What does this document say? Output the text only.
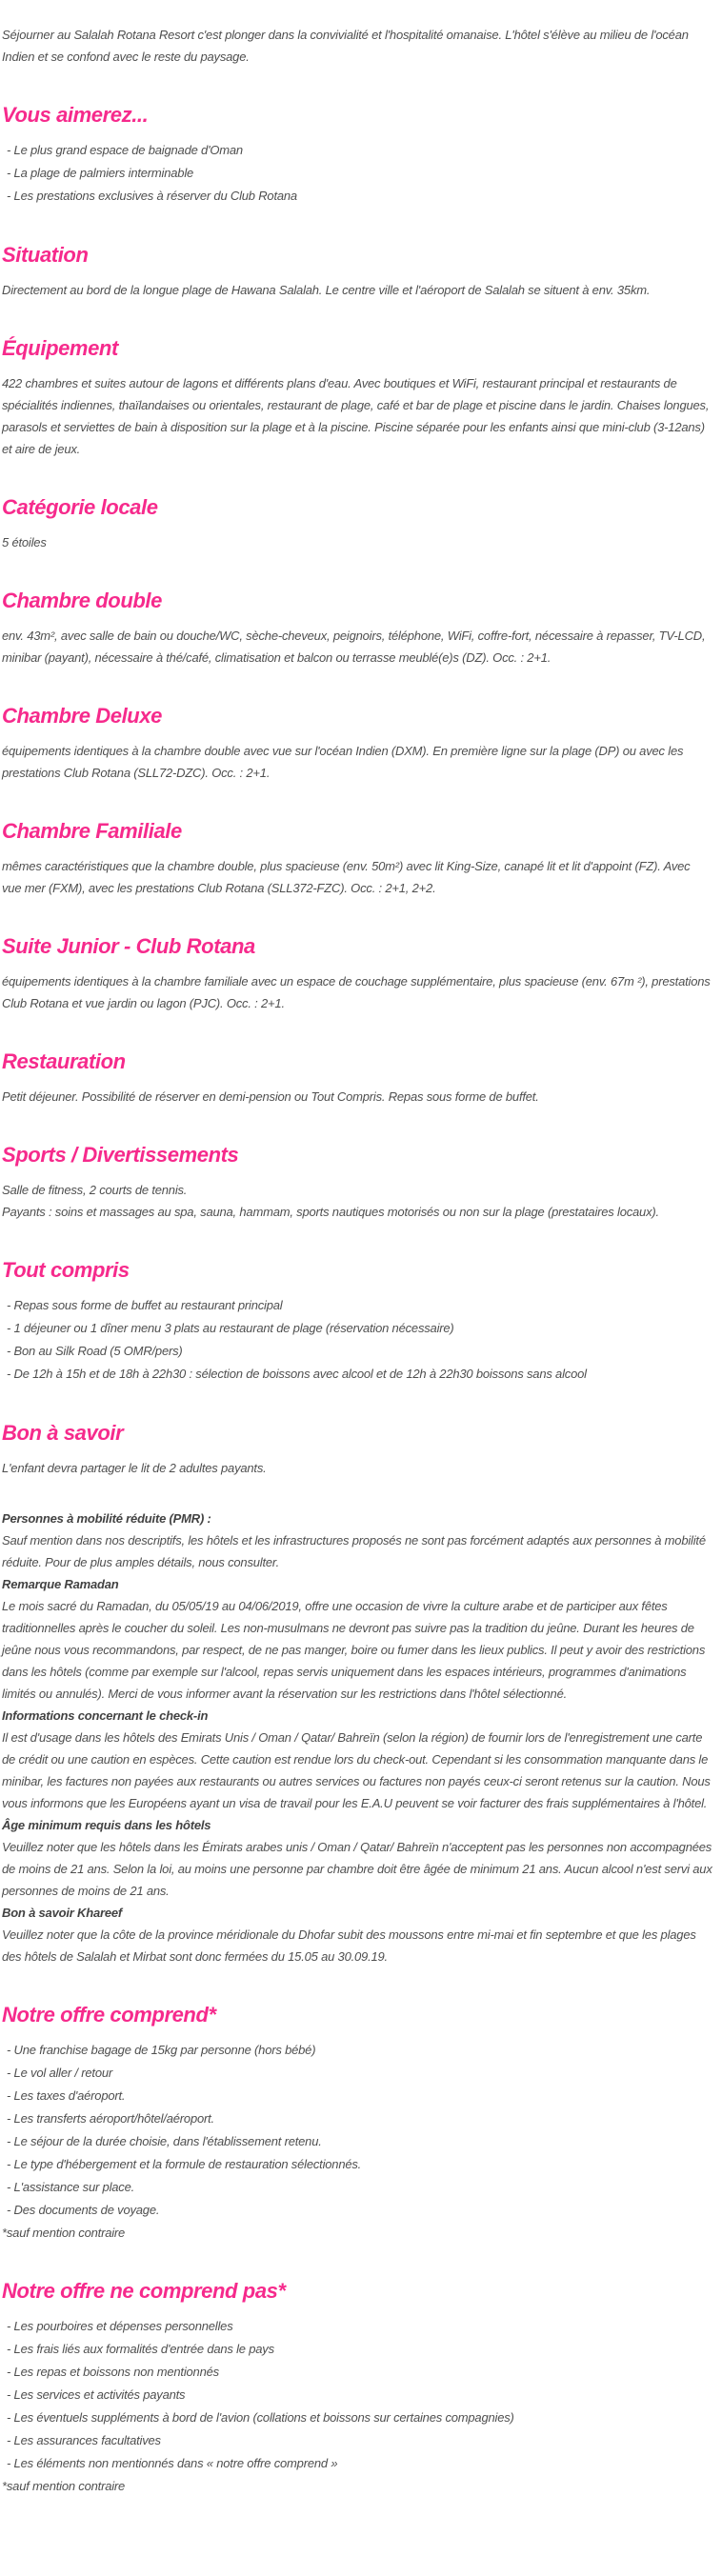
Séjourner au Salalah Rotana Resort c'est plonger dans la convivialité et l'hospitalité omanaise. L'hôtel s'élève au milieu de l'océan Indien et se confond avec le reste du paysage.

Vous aimerez...
- Le plus grand espace de baignade d'Oman
- La plage de palmiers interminable
- Les prestations exclusives à réserver du Club Rotana
Situation

Directement au bord de la longue plage de Hawana Salalah. Le centre ville et l'aéroport de Salalah se situent à env. 35km.

Équipement

422 chambres et suites autour de lagons et différents plans d'eau. Avec boutiques et WiFi, restaurant principal et restaurants de spécialités indiennes, thaïlandaises ou orientales, restaurant de plage, café et bar de plage et piscine dans le jardin. Chaises longues, parasols et serviettes de bain à disposition sur la plage et à la piscine. Piscine séparée pour les enfants ainsi que mini-club (3-12ans) et aire de jeux.

Catégorie locale

5 étoiles

Chambre double

env. 43m², avec salle de bain ou douche/WC, sèche-cheveux, peignoirs, téléphone, WiFi, coffre-fort, nécessaire à repasser, TV-LCD, minibar (payant), nécessaire à thé/café, climatisation et balcon ou terrasse meublé(e)s (DZ). Occ. : 2+1.

Chambre Deluxe

équipements identiques à la chambre double avec vue sur l'océan Indien (DXM). En première ligne sur la plage (DP) ou avec les prestations Club Rotana (SLL72-DZC). Occ. : 2+1.

Chambre Familiale

mêmes caractéristiques que la chambre double, plus spacieuse (env. 50m²) avec lit King-Size, canapé lit et lit d'appoint (FZ). Avec vue mer (FXM), avec les prestations Club Rotana (SLL372-FZC). Occ. : 2+1, 2+2.

Suite Junior - Club Rotana

équipements identiques à la chambre familiale avec un espace de couchage supplémentaire, plus spacieuse (env. 67m ²), prestations Club Rotana et vue jardin ou lagon (PJC). Occ. : 2+1.

Restauration

Petit déjeuner. Possibilité de réserver en demi-pension ou Tout Compris. Repas sous forme de buffet.

Sports / Divertissements

Salle de fitness, 2 courts de tennis.

Payants : soins et massages au spa, sauna, hammam, sports nautiques motorisés ou non sur la plage (prestataires locaux).

Tout compris
- Repas sous forme de buffet au restaurant principal
- 1 déjeuner ou 1 dîner menu 3 plats au restaurant de plage (réservation nécessaire)
- Bon au Silk Road (5 OMR/pers)
- De 12h à 15h et de 18h à 22h30 : sélection de boissons avec alcool et de 12h à 22h30 boissons sans alcool
Bon à savoir

L'enfant devra partager le lit de 2 adultes payants.

Personnes à mobilité réduite (PMR) :

Sauf mention dans nos descriptifs, les hôtels et les infrastructures proposés ne sont pas forcément adaptés aux personnes à mobilité réduite. Pour de plus amples détails, nous consulter.

Remarque Ramadan

Le mois sacré du Ramadan, du 05/05/19 au 04/06/2019, offre une occasion de vivre la culture arabe et de participer aux fêtes traditionnelles après le coucher du soleil. Les non-musulmans ne devront pas suivre pas la tradition du jeûne. Durant les heures de jeûne nous vous recommandons, par respect, de ne pas manger, boire ou fumer dans les lieux publics. Il peut y avoir des restrictions dans les hôtels (comme par exemple sur l'alcool, repas servis uniquement dans les espaces intérieurs, programmes d'animations limités ou annulés). Merci de vous informer avant la réservation sur les restrictions dans l'hôtel sélectionné.

Informations concernant le check-in

Il est d'usage dans les hôtels des Emirats Unis / Oman / Qatar/ Bahreïn (selon la région) de fournir lors de l'enregistrement une carte de crédit ou une caution en espèces. Cette caution est rendue lors du check-out. Cependant si les consommation manquante dans le minibar, les factures non payées aux restaurants ou autres services ou factures non payés ceux-ci seront retenus sur la caution. Nous vous informons que les Européens ayant un visa de travail pour les E.A.U peuvent se voir facturer des frais supplémentaires à l'hôtel.

Âge minimum requis dans les hôtels

Veuillez noter que les hôtels dans les Émirats arabes unis / Oman / Qatar/ Bahreïn n'acceptent pas les personnes non accompagnées de moins de 21 ans. Selon la loi, au moins une personne par chambre doit être âgée de minimum 21 ans. Aucun alcool n'est servi aux personnes de moins de 21 ans.

Bon à savoir Khareef

Veuillez noter que la côte de la province méridionale du Dhofar subit des moussons entre mi-mai et fin septembre et que les plages des hôtels de Salalah et Mirbat sont donc fermées du 15.05 au 30.09.19.

Notre offre comprend*
- Une franchise bagage de 15kg par personne (hors bébé)
- Le vol aller / retour
- Les taxes d'aéroport.
- Les transferts aéroport/hôtel/aéroport.
- Le séjour de la durée choisie, dans l'établissement retenu.
- Le type d'hébergement et la formule de restauration sélectionnés.
- L'assistance sur place.
- Des documents de voyage.

*sauf mention contraire

Notre offre ne comprend pas*
- Les pourboires et dépenses personnelles
- Les frais liés aux formalités d'entrée dans le pays
- Les repas et boissons non mentionnés
- Les services et activités payants
- Les éventuels suppléments à bord de l'avion (collations et boissons sur certaines compagnies)
- Les assurances facultatives
- Les éléments non mentionnés dans « notre offre comprend »

*sauf mention contraire
